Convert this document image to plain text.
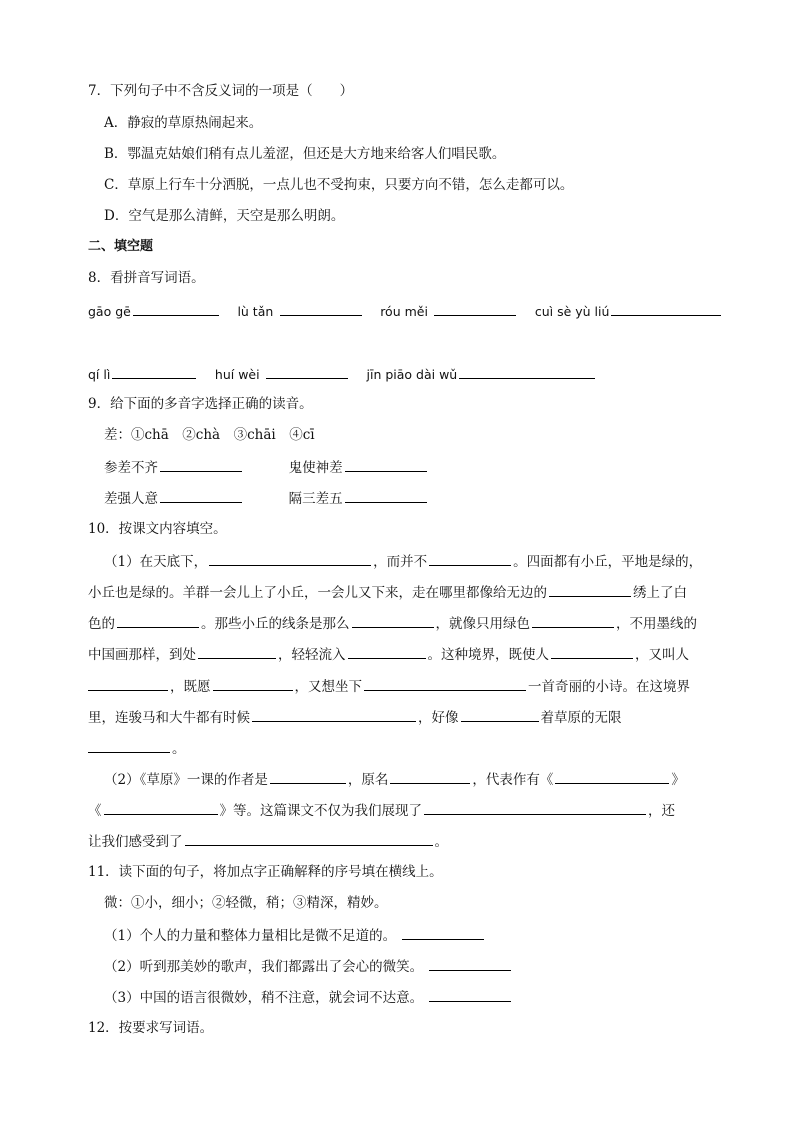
7．下列句子中不含反义词的一项是（　　）
A．静寂的草原热闹起来。
B．鄂温克姑娘们稍有点儿羞涩，但还是大方地来给客人们唱民歌。
C．草原上行车十分洒脱，一点儿也不受拘束，只要方向不错，怎么走都可以。
D．空气是那么清鲜，天空是那么明朗。
二、填空题
8．看拼音写词语。
gāo gē	lù tǎn	róu měi	cuì sè yù liú
qí lì	huí wèi	jīn piāo dài wǔ
9．给下面的多音字选择正确的读音。
差：①chā　②chà　③chāi　④cī
参差不齐	鬼使神差
差强人意	隔三差五
10．按课文内容填空。
（1）在天底下，	，而并不	。四面都有小丘，平地是绿的，
小丘也是绿的。羊群一会儿上了小丘，一会儿又下来，走在哪里都像给无边的	绣上了白
色的	。那些小丘的线条是那么	，就像只用绿色	，不用墨线的
中国画那样，到处	，轻轻流入	。这种境界，既使人	，又叫人
，既愿	，又想坐下	一首奇丽的小诗。在这境界
里，连骏马和大牛都有时候	，好像	着草原的无限
。
（2）《草原》一课的作者是	，原名	，代表作有《	》
《	》等。这篇课文不仅为我们展现了	，还
让我们感受到了	。
11．读下面的句子，将加点字正确解释的序号填在横线上。
微：①小，细小；②轻微，稍；③精深，精妙。
（1）个人的力量和整体力量相比是微不足道的。
（2）听到那美妙的歌声，我们都露出了会心的微笑。
（3）中国的语言很微妙，稍不注意，就会词不达意。
12．按要求写词语。
